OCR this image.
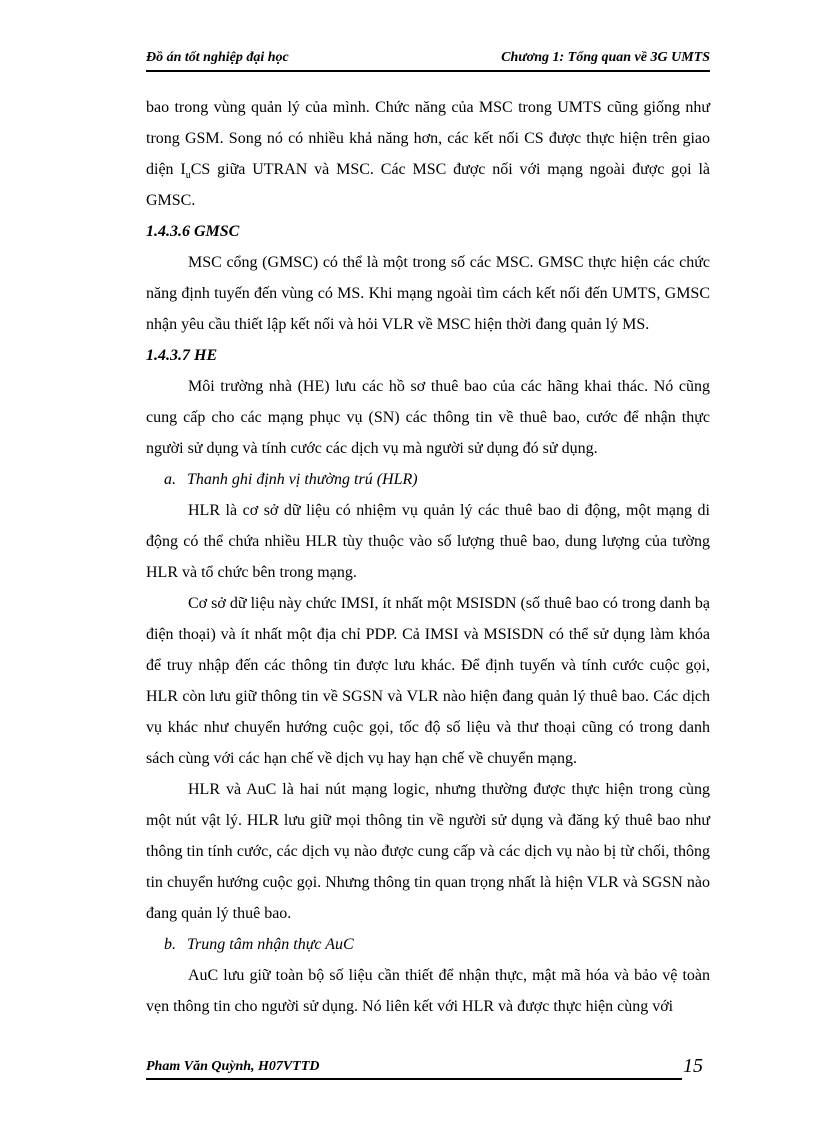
Đồ án tốt nghiệp đại học	Chương 1: Tổng quan về 3G UMTS

bao trong vùng quản lý của mình. Chức năng của MSC trong UMTS cũng giống như trong GSM. Song nó có nhiều khả năng hơn, các kết nối CS được thực hiện trên giao diện $I_uCS$ giữa UTRAN và MSC. Các MSC được nối với mạng ngoài được gọi là GMSC.

1.4.3.6 GMSC

MSC cổng (GMSC) có thể là một trong số các MSC. GMSC thực hiện các chức năng định tuyến đến vùng có MS. Khi mạng ngoài tìm cách kết nối đến UMTS, GMSC nhận yêu cầu thiết lập kết nối và hỏi VLR về MSC hiện thời đang quản lý MS.

1.4.3.7 HE

Môi trường nhà (HE) lưu các hồ sơ thuê bao của các hãng khai thác. Nó cũng cung cấp cho các mạng phục vụ (SN) các thông tin về thuê bao, cước để nhận thực người sử dụng và tính cước các dịch vụ mà người sử dụng đó sử dụng.

a. Thanh ghi định vị thường trú (HLR)

HLR là cơ sở dữ liệu có nhiệm vụ quản lý các thuê bao di động, một mạng di động có thể chứa nhiều HLR tùy thuộc vào số lượng thuê bao, dung lượng của tường HLR và tổ chức bên trong mạng.

Cơ sở dữ liệu này chức IMSI, ít nhất một MSISDN (số thuê bao có trong danh bạ điện thoại) và ít nhất một địa chỉ PDP. Cả IMSI và MSISDN có thể sử dụng làm khóa để truy nhập đến các thông tin được lưu khác. Để định tuyến và tính cước cuộc gọi, HLR còn lưu giữ thông tin về SGSN và VLR nào hiện đang quản lý thuê bao. Các dịch vụ khác như chuyển hướng cuộc gọi, tốc độ số liệu và thư thoại cũng có trong danh sách cùng với các hạn chế về dịch vụ hay hạn chế về chuyển mạng.

HLR và AuC là hai nút mạng logic, nhưng thường được thực hiện trong cùng một nút vật lý. HLR lưu giữ mọi thông tin về người sử dụng và đăng ký thuê bao như thông tin tính cước, các dịch vụ nào được cung cấp và các dịch vụ nào bị từ chối, thông tin chuyển hướng cuộc gọi. Nhưng thông tin quan trọng nhất là hiện VLR và SGSN nào đang quản lý thuê bao.

b. Trung tâm nhận thực AuC

AuC lưu giữ toàn bộ số liệu cần thiết để nhận thực, mật mã hóa và bảo vệ toàn vẹn thông tin cho người sử dụng. Nó liên kết với HLR và được thực hiện cùng với

Pham Văn Quỳnh, H07VTTD	15
